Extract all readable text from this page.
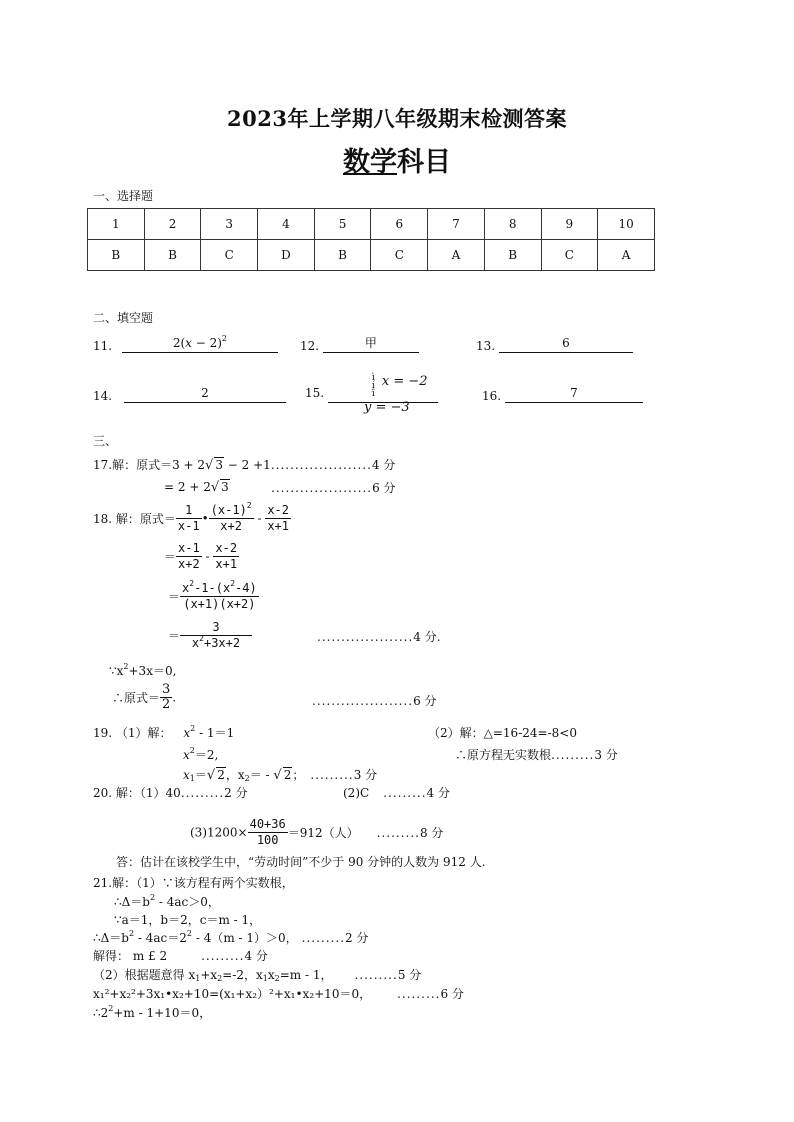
2023年上学期八年级期末检测答案
数学科目
一、选择题
1	2	3	4	5	6	7	8	9	10
B	B	C	D	B	C	A	B	C	A
二、填空题
11.	$2(x - 2)^2$
12.	甲	13.	6
14.	2	15.
ì
í
î
x = −2
y = −3
16.	7
三、
17.解：原式＝3 + 2√ 3 − 2 +1.....................4 分
= 2 + 2√ 3	.....................6 分
18. 解：原式＝ $\frac{1}{x-1}$ • $\frac{(x-1)^2}{x+2} - \frac{x-2}{x+1}$
＝ $\frac{x-1}{x+2} - \frac{x-2}{x+1}$
＝ $\frac{x^2-1-(x^2-4)}{(x+1)(x+2)}$
＝ $\frac{3}{x^2+3x+2}$	....................4 分.
$\because x^2+3x=0$,
∴原式＝ $\frac{3}{2}$ .	.....................6 分
19. （1）解： $x^2 - 1=1$
$x^2=2$,
$x_1=√$ 2，$x_2=$ - √ 2； .........3 分
（2）解：△=16-24=-8<0
∴原方程无实数根.........3 分
20. 解：（1）40.........2 分	(2)C .........4 分
$(3)1200\times \frac{40+36}{100} =912$（人） .........8 分
答：估计在该校学生中，“劳动时间”不少于 90 分钟的人数为 912 人.
21.解：（1）∵该方程有两个实数根，
$\therefore\Delta=b^2 - 4ac>0$，
∵a＝1，b＝2，c＝m - 1，
$\therefore\Delta=b^2 - 4ac=2^2 - 4(m - 1)>0$， .........2 分
解得： m £ 2	.........4 分
（2）根据题意得 $x_1+x_2=-2$，$x_1x_2=m - 1$， .........5 分
x₁²+x₂²+3x₁•x₂+10=(x₁+x₂）²+x₁•x₂+10＝0， .........6 分
$\therefore 2^2+m - 1+10=0$，
